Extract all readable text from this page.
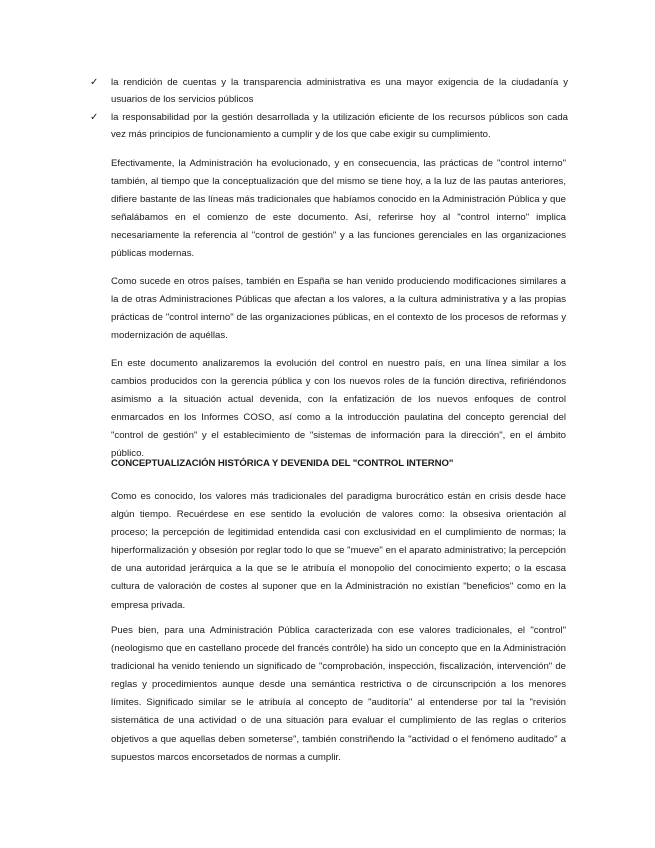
✓ la rendición de cuentas y la transparencia administrativa es una mayor exigencia de la ciudadanía y usuarios de los servicios públicos
✓ la responsabilidad por la gestión desarrollada y la utilización eficiente de los recursos públicos son cada vez más principios de funcionamiento a cumplir y de los que cabe exigir su cumplimiento.

Efectivamente, la Administración ha evolucionado, y en consecuencia, las prácticas de "control interno" también, al tiempo que la conceptualización que del mismo se tiene hoy, a la luz de las pautas anteriores, difiere bastante de las líneas más tradicionales que habíamos conocido en la Administración Pública y que señalábamos en el comienzo de este documento. Así, referirse hoy al "control interno" implica necesariamente la referencia al "control de gestión" y a las funciones gerenciales en las organizaciones públicas modernas.

Como sucede en otros países, también en España se han venido produciendo modificaciones similares a la de otras Administraciones Públicas que afectan a los valores, a la cultura administrativa y a las propias prácticas de "control interno" de las organizaciones públicas, en el contexto de los procesos de reformas y modernización de aquéllas.

En este documento analizaremos la evolución del control en nuestro país, en una línea similar a los cambios producidos con la gerencia pública y con los nuevos roles de la función directiva, refiriéndonos asimismo a la situación actual devenida, con la enfatización de los nuevos enfoques de control enmarcados en los Informes COSO, así como a la introducción paulatina del concepto gerencial del "control de gestión" y el establecimiento de "sistemas de información para la dirección", en el ámbito público.

CONCEPTUALIZACIÓN HISTÓRICA Y DEVENIDA DEL "CONTROL INTERNO"

Como es conocido, los valores más tradicionales del paradigma burocrático están en crisis desde hace algún tiempo. Recuérdese en ese sentido la evolución de valores como: la obsesiva orientación al proceso; la percepción de legitimidad entendida casi con exclusividad en el cumplimiento de normas; la hiperformalización y obsesión por reglar todo lo que se "mueve" en el aparato administrativo; la percepción de una autoridad jerárquica a la que se le atribuía el monopolio del conocimiento experto; o la escasa cultura de valoración de costes al suponer que en la Administración no existían "beneficios" como en la empresa privada.

Pues bien, para una Administración Pública caracterizada con ese valores tradicionales, el "control" (neologismo que en castellano procede del francés contrôle) ha sido un concepto que en la Administración tradicional ha venido teniendo un significado de "comprobación, inspección, fiscalización, intervención" de reglas y procedimientos aunque desde una semántica restrictiva o de circunscripción a los menores límites. Significado similar se le atribuía al concepto de "auditoría" al entenderse por tal la "revisión sistemática de una actividad o de una situación para evaluar el cumplimiento de las reglas o criterios objetivos a que aquellas deben someterse", también constriñendo la "actividad o el fenómeno auditado" a supuestos marcos encorsetados de normas a cumplir.
